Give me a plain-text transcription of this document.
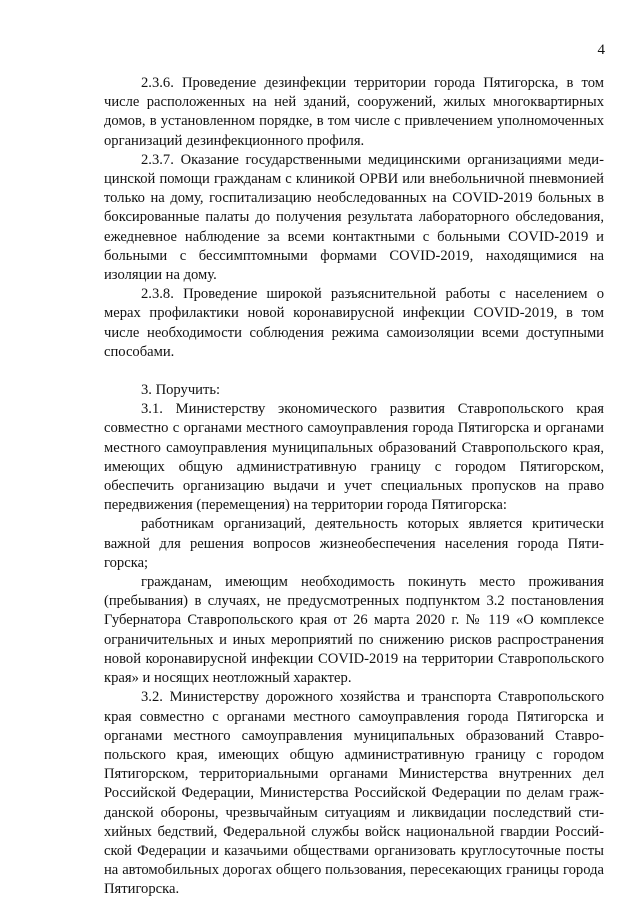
4

2.3.6. Проведение дезинфекции территории города Пятигорска, в том числе расположенных на ней зданий, сооружений, жилых многоквартирных домов, в установленном порядке, в том числе с привлечением уполномоченных организаций дезинфекционного профиля.

2.3.7. Оказание государственными медицинскими организациями медицинской помощи гражданам с клиникой ОРВИ или внебольничной пневмонией только на дому, госпитализацию необследованных на COVID-2019 больных в боксированные палаты до получения результата лабораторного обследования, ежедневное наблюдение за всеми контактными с больными COVID-2019 и больными с бессимптомными формами COVID-2019, находящимися на изоляции на дому.

2.3.8. Проведение широкой разъяснительной работы с населением о мерах профилактики новой коронавирусной инфекции COVID-2019, в том числе необходимости соблюдения режима самоизоляции всеми доступными способами.

3. Поручить:

3.1. Министерству экономического развития Ставропольского края совместно с органами местного самоуправления города Пятигорска и органами местного самоуправления муниципальных образований Ставропольского края, имеющих общую административную границу с городом Пятигорском, обеспечить организацию выдачи и учет специальных пропусков на право передвижения (перемещения) на территории города Пятигорска:

работникам организаций, деятельность которых является критически важной для решения вопросов жизнеобеспечения населения города Пятигорска;

гражданам, имеющим необходимость покинуть место проживания (пребывания) в случаях, не предусмотренных подпунктом 3.2 постановления Губернатора Ставропольского края от 26 марта 2020 г. № 119 «О комплексе ограничительных и иных мероприятий по снижению рисков распространения новой коронавирусной инфекции COVID-2019 на территории Ставропольского края» и носящих неотложный характер.

3.2. Министерству дорожного хозяйства и транспорта Ставропольского края совместно с органами местного самоуправления города Пятигорска и органами местного самоуправления муниципальных образований Ставропольского края, имеющих общую административную границу с городом Пятигорском, территориальными органами Министерства внутренних дел Российской Федерации, Министерства Российской Федерации по делам гражданской обороны, чрезвычайным ситуациям и ликвидации последствий стихийных бедствий, Федеральной службы войск национальной гвардии Российской Федерации и казачьими обществами организовать круглосуточные посты на автомобильных дорогах общего пользования, пересекающих границы города Пятигорска.
